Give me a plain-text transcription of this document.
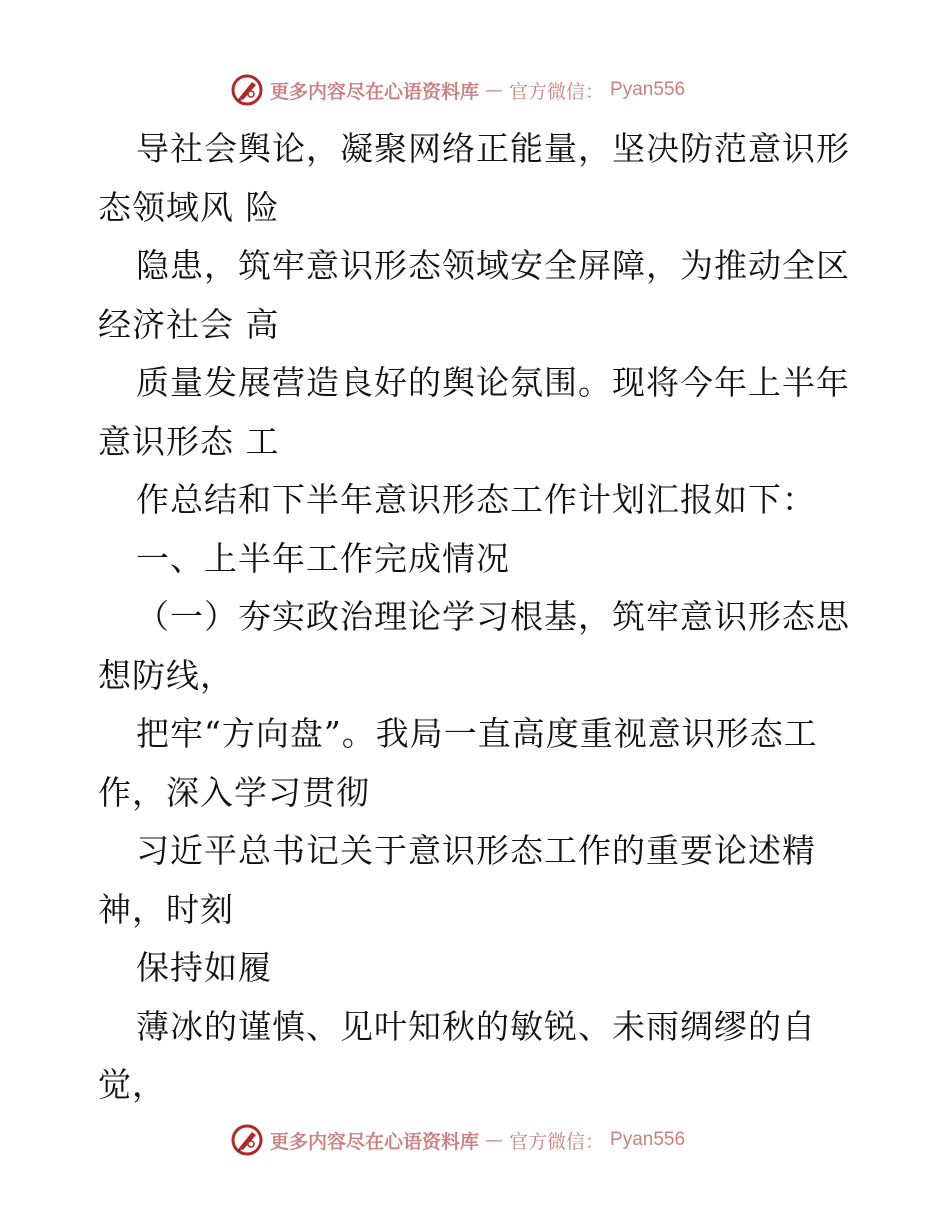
更多内容尽在心语资料库 — 官方微信： Pyan556
导社会舆论，凝聚网络正能量，坚决防范意识形
态领域风 险
隐患，筑牢意识形态领域安全屏障，为推动全区
经济社会 高
质量发展营造良好的舆论氛围。现将今年上半年
意识形态 工
作总结和下半年意识形态工作计划汇报如下：
一、上半年工作完成情况
（一）夯实政治理论学习根基，筑牢意识形态思
想防线，
把牢“方向盘”。我局一直高度重视意识形态工
作，深入学习贯彻
习近平总书记关于意识形态工作的重要论述精
神，时刻
保持如履
薄冰的谨慎、见叶知秋的敏锐、未雨绸缪的自
觉，
更多内容尽在心语资料库 — 官方微信： Pyan556
